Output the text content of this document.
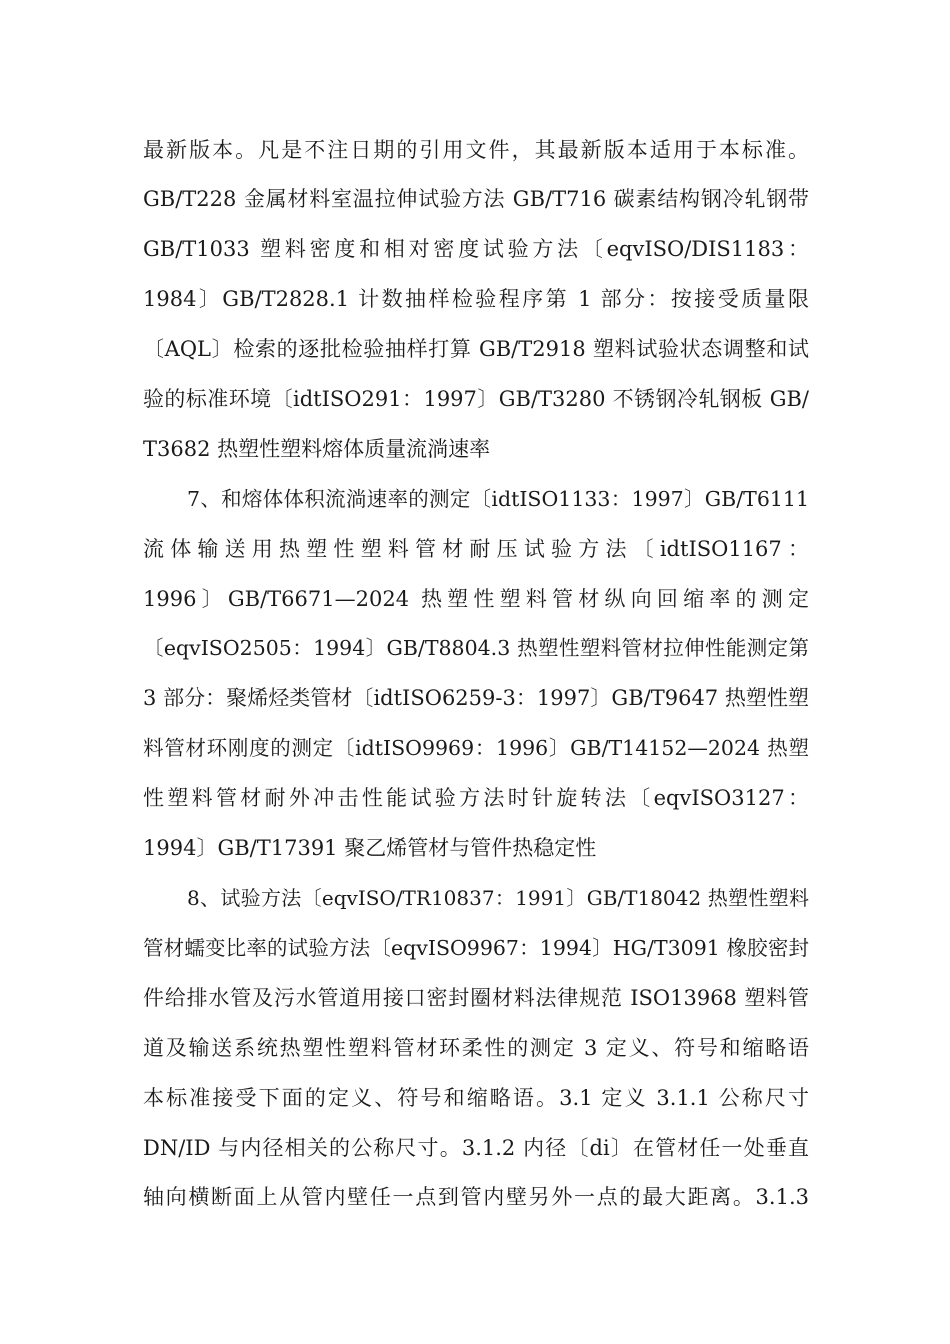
最新版本。凡是不注日期的引用文件，其最新版本适用于本标准。
GB/T228 金属材料室温拉伸试验方法 GB/T716 碳素结构钢冷轧钢带
GB/T1033 塑料密度和相对密度试验方法〔eqvISO/DIS1183：
1984〕GB/T2828.1 计数抽样检验程序第 1 部分：按接受质量限
〔AQL〕检索的逐批检验抽样打算 GB/T2918 塑料试验状态调整和试
验的标准环境〔idtISO291：1997〕GB/T3280 不锈钢冷轧钢板 GB/
T3682 热塑性塑料熔体质量流淌速率
7、和熔体体积流淌速率的测定〔idtISO1133：1997〕GB/T6111
流体输送用热塑性塑料管材耐压试验方法〔idtISO1167：
1996〕GB/T6671—2024 热塑性塑料管材纵向回缩率的测定
〔eqvISO2505：1994〕GB/T8804.3 热塑性塑料管材拉伸性能测定第
3 部分：聚烯烃类管材〔idtISO6259-3：1997〕GB/T9647 热塑性塑
料管材环刚度的测定〔idtISO9969：1996〕GB/T14152—2024 热塑
性塑料管材耐外冲击性能试验方法时针旋转法〔eqvISO3127：
1994〕GB/T17391 聚乙烯管材与管件热稳定性
8、试验方法〔eqvISO/TR10837：1991〕GB/T18042 热塑性塑料
管材蠕变比率的试验方法〔eqvISO9967：1994〕HG/T3091 橡胶密封
件给排水管及污水管道用接口密封圈材料法律规范 ISO13968 塑料管
道及输送系统热塑性塑料管材环柔性的测定 3 定义、符号和缩略语
本标准接受下面的定义、符号和缩略语。3.1 定义 3.1.1 公称尺寸
DN/ID 与内径相关的公称尺寸。3.1.2 内径〔di〕在管材任一处垂直
轴向横断面上从管内壁任一点到管内壁另外一点的最大距离。3.1.3
